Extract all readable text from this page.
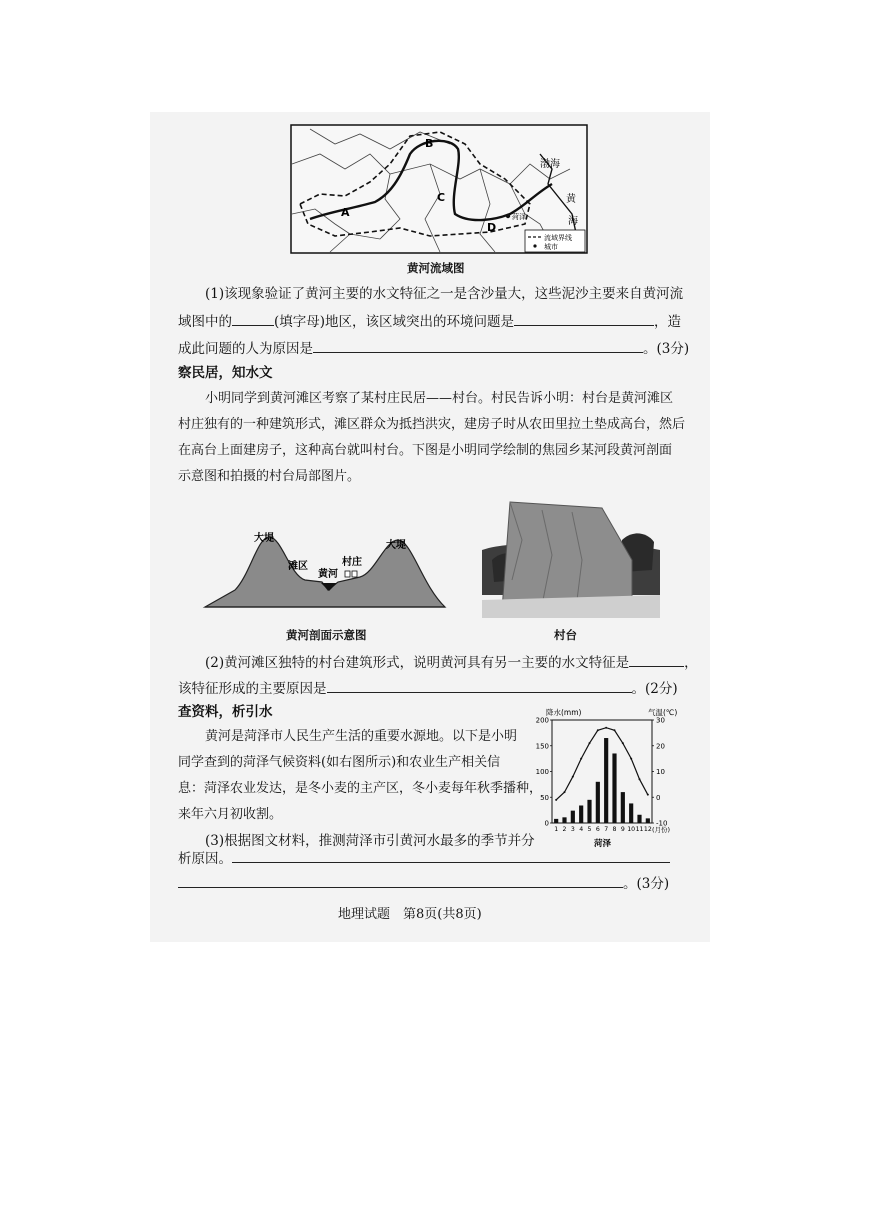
A
B
C
D
渤海
黄
海
菏泽
流域界线
城市
黄河流域图
(1)该现象验证了黄河主要的水文特征之一是含沙量大，这些泥沙主要来自黄河流
域图中的	(填字母)地区，该区域突出的环境问题是	，造
成此问题的人为原因是	。(3分)
察民居，知水文
小明同学到黄河滩区考察了某村庄民居——村台。村民告诉小明：村台是黄河滩区
村庄独有的一种建筑形式，滩区群众为抵挡洪灾，建房子时从农田里拉土垫成高台，然后
在高台上面建房子，这种高台就叫村台。下图是小明同学绘制的焦园乡某河段黄河剖面
示意图和拍摄的村台局部图片。
大堤
大堤
滩区
黄河
村庄
黄河剖面示意图	村台
(2)黄河滩区独特的村台建筑形式，说明黄河具有另一主要的水文特征是	，
该特征形成的主要原因是	。(2分)
查资料，析引水
黄河是菏泽市人民生产生活的重要水源地。以下是小明
同学查到的菏泽气候资料(如右图所示)和农业生产相关信
息：菏泽农业发达，是冬小麦的主产区，冬小麦每年秋季播种，
来年六月初收割。
降水(mm)	气温(℃)
0
50
100
150
200
-10
0
10
20
30
1 2 3 4 5 6 7 8 9 10 11 12 (月份)
菏泽
(3)根据图文材料，推测菏泽市引黄河水最多的季节并分
析原因。
。(3分)
地理试题　第8页(共8页)
